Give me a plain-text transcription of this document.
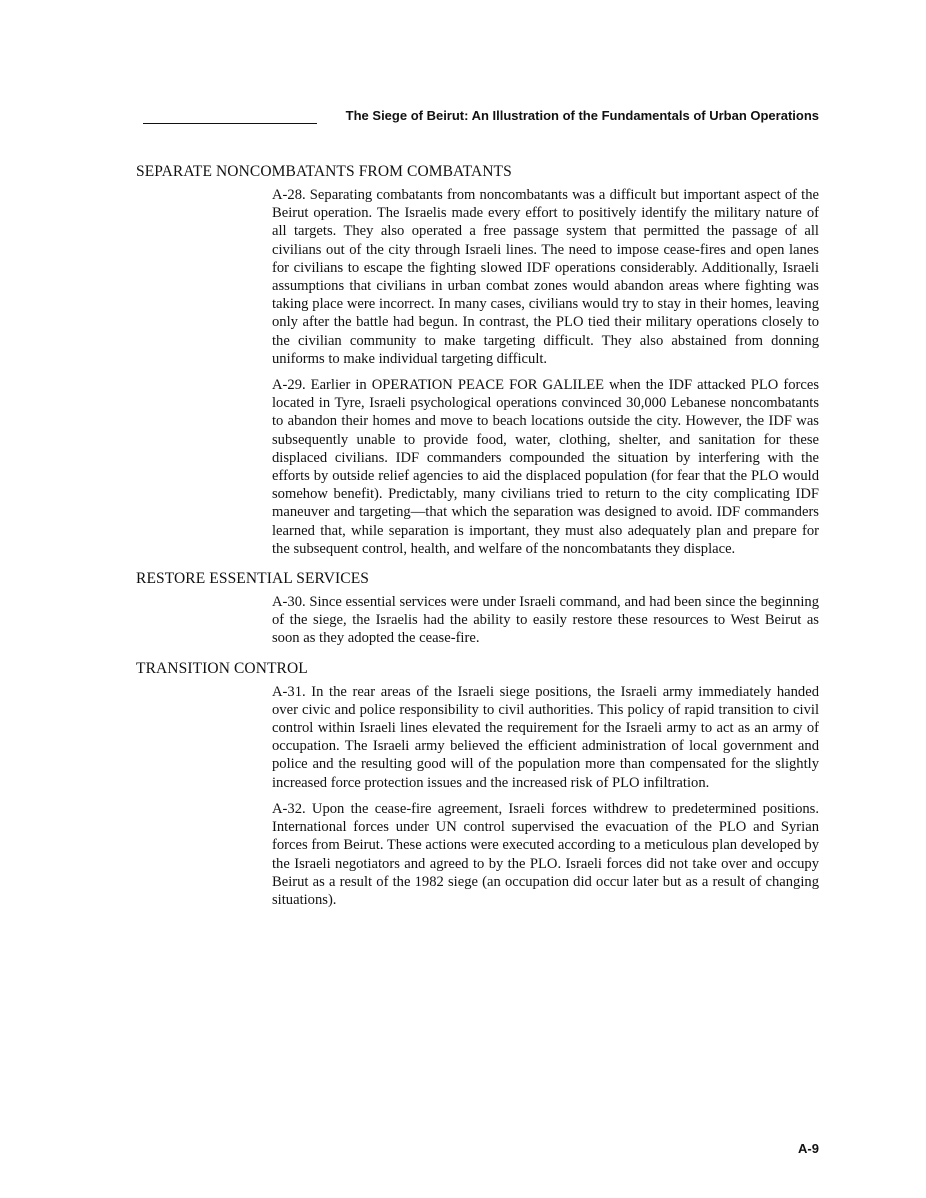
The Siege of Beirut: An Illustration of the Fundamentals of Urban Operations
SEPARATE NONCOMBATANTS FROM COMBATANTS

A-28. Separating combatants from noncombatants was a difficult but important aspect of the Beirut operation. The Israelis made every effort to positively identify the military nature of all targets. They also operated a free passage system that permitted the passage of all civilians out of the city through Israeli lines. The need to impose cease-fires and open lanes for civilians to escape the fighting slowed IDF operations considerably. Additionally, Israeli assumptions that civilians in urban combat zones would abandon areas where fighting was taking place were incorrect. In many cases, civilians would try to stay in their homes, leaving only after the battle had begun. In contrast, the PLO tied their military operations closely to the civilian community to make targeting difficult. They also abstained from donning uniforms to make individual targeting difficult.

A-29. Earlier in OPERATION PEACE FOR GALILEE when the IDF attacked PLO forces located in Tyre, Israeli psychological operations convinced 30,000 Lebanese noncombatants to abandon their homes and move to beach locations outside the city. However, the IDF was subsequently unable to provide food, water, clothing, shelter, and sanitation for these displaced civilians. IDF commanders compounded the situation by interfering with the efforts by outside relief agencies to aid the displaced population (for fear that the PLO would somehow benefit). Predictably, many civilians tried to return to the city complicating IDF maneuver and targeting—that which the separation was designed to avoid. IDF commanders learned that, while separation is important, they must also adequately plan and prepare for the subsequent control, health, and welfare of the noncombatants they displace.

RESTORE ESSENTIAL SERVICES

A-30. Since essential services were under Israeli command, and had been since the beginning of the siege, the Israelis had the ability to easily restore these resources to West Beirut as soon as they adopted the cease-fire.

TRANSITION CONTROL

A-31. In the rear areas of the Israeli siege positions, the Israeli army immediately handed over civic and police responsibility to civil authorities. This policy of rapid transition to civil control within Israeli lines elevated the requirement for the Israeli army to act as an army of occupation. The Israeli army believed the efficient administration of local government and police and the resulting good will of the population more than compensated for the slightly increased force protection issues and the increased risk of PLO infiltration.

A-32. Upon the cease-fire agreement, Israeli forces withdrew to predetermined positions. International forces under UN control supervised the evacuation of the PLO and Syrian forces from Beirut. These actions were executed according to a meticulous plan developed by the Israeli negotiators and agreed to by the PLO. Israeli forces did not take over and occupy Beirut as a result of the 1982 siege (an occupation did occur later but as a result of changing situations).

A-9
